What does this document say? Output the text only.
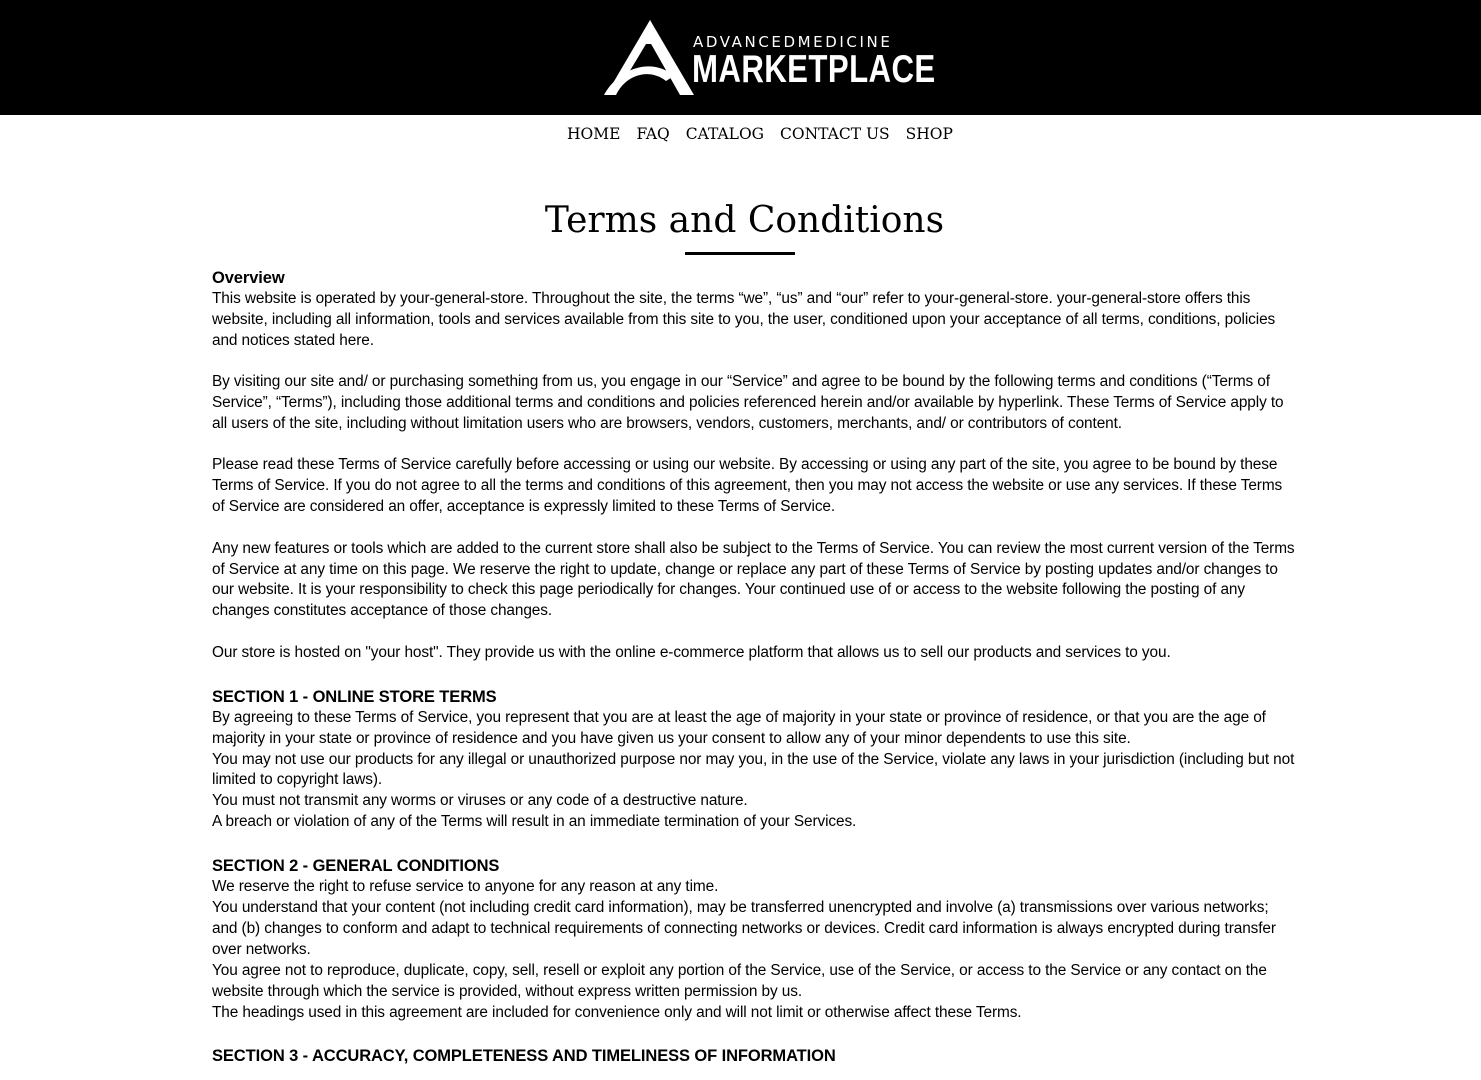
ADVANCEDMEDICINE
MARKETPLACE
HOME FAQ CATALOG CONTACT US SHOP
Terms and Conditions
Overview

This website is operated by your-general-store. Throughout the site, the terms “we”, “us” and “our” refer to your-general-store. your-general-store offers this website, including all information, tools and services available from this site to you, the user, conditioned upon your acceptance of all terms, conditions, policies and notices stated here.

By visiting our site and/ or purchasing something from us, you engage in our “Service” and agree to be bound by the following terms and conditions (“Terms of Service”, “Terms”), including those additional terms and conditions and policies referenced herein and/or available by hyperlink. These Terms of Service apply to all users of the site, including without limitation users who are browsers, vendors, customers, merchants, and/ or contributors of content.

Please read these Terms of Service carefully before accessing or using our website. By accessing or using any part of the site, you agree to be bound by these Terms of Service. If you do not agree to all the terms and conditions of this agreement, then you may not access the website or use any services. If these Terms of Service are considered an offer, acceptance is expressly limited to these Terms of Service.

Any new features or tools which are added to the current store shall also be subject to the Terms of Service. You can review the most current version of the Terms of Service at any time on this page. We reserve the right to update, change or replace any part of these Terms of Service by posting updates and/or changes to our website. It is your responsibility to check this page periodically for changes. Your continued use of or access to the website following the posting of any changes constitutes acceptance of those changes.

Our store is hosted on "your host". They provide us with the online e-commerce platform that allows us to sell our products and services to you.

SECTION 1 - ONLINE STORE TERMS

By agreeing to these Terms of Service, you represent that you are at least the age of majority in your state or province of residence, or that you are the age of majority in your state or province of residence and you have given us your consent to allow any of your minor dependents to use this site.

You may not use our products for any illegal or unauthorized purpose nor may you, in the use of the Service, violate any laws in your jurisdiction (including but not limited to copyright laws).

You must not transmit any worms or viruses or any code of a destructive nature.

A breach or violation of any of the Terms will result in an immediate termination of your Services.

SECTION 2 - GENERAL CONDITIONS

We reserve the right to refuse service to anyone for any reason at any time.

You understand that your content (not including credit card information), may be transferred unencrypted and involve (a) transmissions over various networks; and (b) changes to conform and adapt to technical requirements of connecting networks or devices. Credit card information is always encrypted during transfer over networks.

You agree not to reproduce, duplicate, copy, sell, resell or exploit any portion of the Service, use of the Service, or access to the Service or any contact on the website through which the service is provided, without express written permission by us.

The headings used in this agreement are included for convenience only and will not limit or otherwise affect these Terms.

SECTION 3 - ACCURACY, COMPLETENESS AND TIMELINESS OF INFORMATION
